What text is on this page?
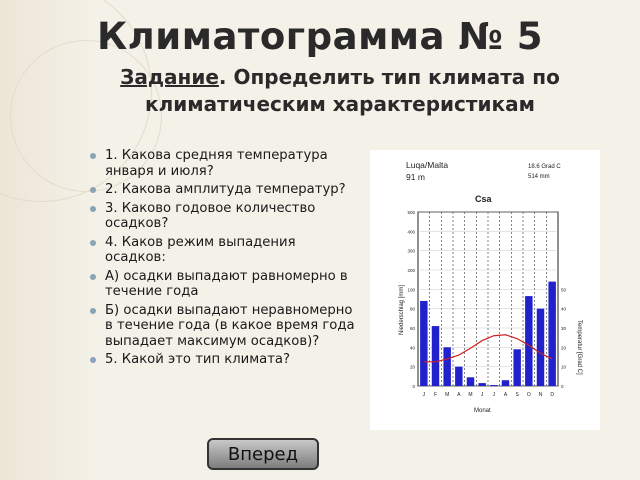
Климатограмма № 5
Задание. Определить тип климата по климатическим характеристикам
1. Какова средняя температура января и июля?
2. Какова амплитуда температур?
3. Каково годовое количество осадков?
4. Каков режим выпадения осадков:
А) осадки выпадают равномерно в течение года
Б) осадки выпадают неравномерно в течение года (в какое время года выпадает максимум осадков)?
5. Какой это тип климата?
Luqa/Malta
91 m
18.6 Grad C
514 mm
Csa
Monat
Niederschlag [mm]
Temperatur [Grad C]
500
400
300
200
100
80
60
40
20
0
50
40
30
20
10
0
J F M A M J J A S O N D
Вперед
